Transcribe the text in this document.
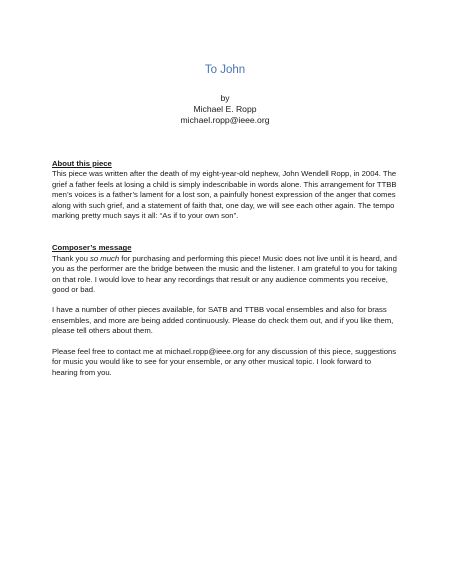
To John
by
Michael E. Ropp
michael.ropp@ieee.org
About this piece

This piece was written after the death of my eight-year-old nephew, John Wendell Ropp, in 2004. The grief a father feels at losing a child is simply indescribable in words alone. This arrangement for TTBB men’s voices is a father’s lament for a lost son, a painfully honest expression of the anger that comes along with such grief, and a statement of faith that, one day, we will see each other again. The tempo marking pretty much says it all: “As if to your own son”.

Composer’s message

Thank you so much for purchasing and performing this piece! Music does not live until it is heard, and you as the performer are the bridge between the music and the listener. I am grateful to you for taking on that role. I would love to hear any recordings that result or any audience comments you receive, good or bad.

I have a number of other pieces available, for SATB and TTBB vocal ensembles and also for brass ensembles, and more are being added continuously. Please do check them out, and if you like them, please tell others about them.

Please feel free to contact me at michael.ropp@ieee.org for any discussion of this piece, suggestions for music you would like to see for your ensemble, or any other musical topic. I look forward to hearing from you.
